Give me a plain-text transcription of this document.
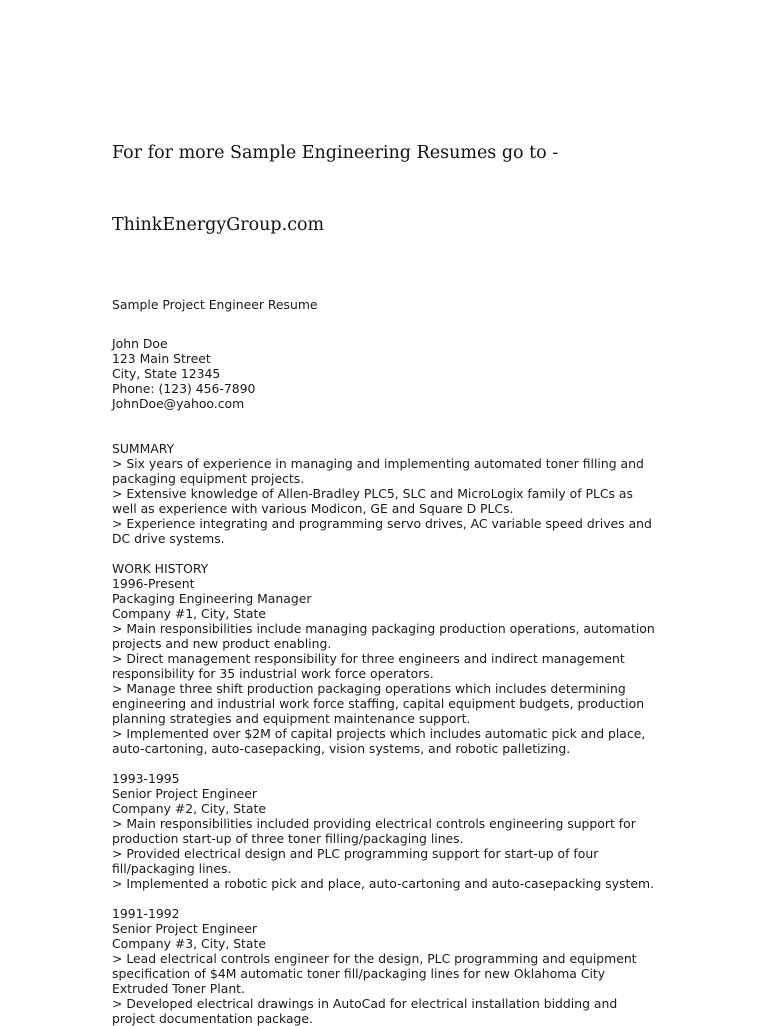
For for more Sample Engineering Resumes go to -

ThinkEnergyGroup.com

Sample Project Engineer Resume
John Doe
123 Main Street
City, State 12345
Phone: (123) 456-7890
JohnDoe@yahoo.com
SUMMARY
> Six years of experience in managing and implementing automated toner filling and
packaging equipment projects.
> Extensive knowledge of Allen-Bradley PLC5, SLC and MicroLogix family of PLCs as
well as experience with various Modicon, GE and Square D PLCs.
> Experience integrating and programming servo drives, AC variable speed drives and
DC drive systems.
WORK HISTORY
1996-Present
Packaging Engineering Manager
Company #1, City, State
> Main responsibilities include managing packaging production operations, automation
projects and new product enabling.
> Direct management responsibility for three engineers and indirect management
responsibility for 35 industrial work force operators.
> Manage three shift production packaging operations which includes determining
engineering and industrial work force staffing, capital equipment budgets, production
planning strategies and equipment maintenance support.
> Implemented over $2M of capital projects which includes automatic pick and place,
auto-cartoning, auto-casepacking, vision systems, and robotic palletizing.
1993-1995
Senior Project Engineer
Company #2, City, State
> Main responsibilities included providing electrical controls engineering support for
production start-up of three toner filling/packaging lines.
> Provided electrical design and PLC programming support for start-up of four
fill/packaging lines.
> Implemented a robotic pick and place, auto-cartoning and auto-casepacking system.
1991-1992
Senior Project Engineer
Company #3, City, State
> Lead electrical controls engineer for the design, PLC programming and equipment
specification of $4M automatic toner fill/packaging lines for new Oklahoma City
Extruded Toner Plant.
> Developed electrical drawings in AutoCad for electrical installation bidding and
project documentation package.
